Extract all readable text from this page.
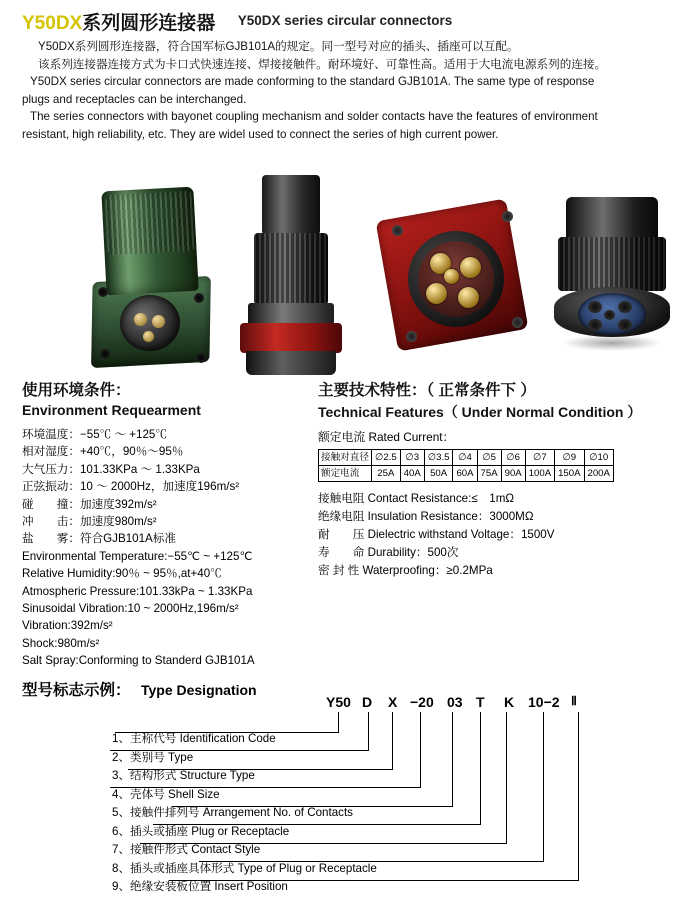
Y50DX系列圆形连接器 Y50DX series circular connectors

Y50DX系列圆形连接器，符合国军标GJB101A的规定。同一型号对应的插头、插座可以互配。

该系列连接器连接方式为卡口式快速连接、焊接接触件。耐环境好、可靠性高。适用于大电流电源系列的连接。

Y50DX series circular connectors are made conforming to the standard GJB101A. The same type of response

plugs and receptacles can be interchanged.

The series connectors with bayonet coupling mechanism and solder contacts have the features of environment

resistant, high reliability, etc. They are widel used to connect the series of high current power.

使用环境条件：
Environment Requearment
环境温度：−55℃ ～ +125℃
相对湿度：+40℃，90％～95％
大气压力：101.33KPa ～ 1.33KPa
正弦振动：10 ～ 2000Hz，加速度196m/s²
碰　　撞：加速度392m/s²
冲　　击：加速度980m/s²
盐　　雾：符合GJB101A标准
Environmental Temperature:−55℃ ~ +125℃
Relative Humidity:90％ ~ 95％,at+40℃
Atmospheric Pressure:101.33kPa ~ 1.33KPa
Sinusoidal Vibration:10 ~ 2000Hz,196m/s²
Vibration:392m/s²
Shock:980m/s²
Salt Spray:Conforming to Standerd GJB101A
主要技术特性：（ 正常条件下 ）
Technical Features（ Under Normal Condition ）
额定电流 Rated Current：
接触对直径	∅2.5	∅3	∅3.5	∅4	∅5	∅6	∅7	∅9	∅10
额定电流	25A	40A	50A	60A	75A	90A	100A	150A	200A
接触电阻 Contact Resistance:≤　1mΩ
绝缘电阻 Insulation Resistance：3000MΩ
耐　　压 Dielectric withstand Voltage：1500V
寿　　命 Durability：500次
密 封 性 Waterproofing：≥0.2MPa
型号标志示例： Type Designation
Y50 D X −20 03 T K 10−2 Ⅱ
1、主称代号 Identification Code
2、类别号 Type
3、结构形式 Structure Type
4、壳体号 Shell Size
5、接触件排列号 Arrangement No. of Contacts
6、插头或插座 Plug or Receptacle
7、接触件形式 Contact Style
8、插头或插座具体形式 Type of Plug or Receptacle
9、绝缘安装板位置 Insert Position
